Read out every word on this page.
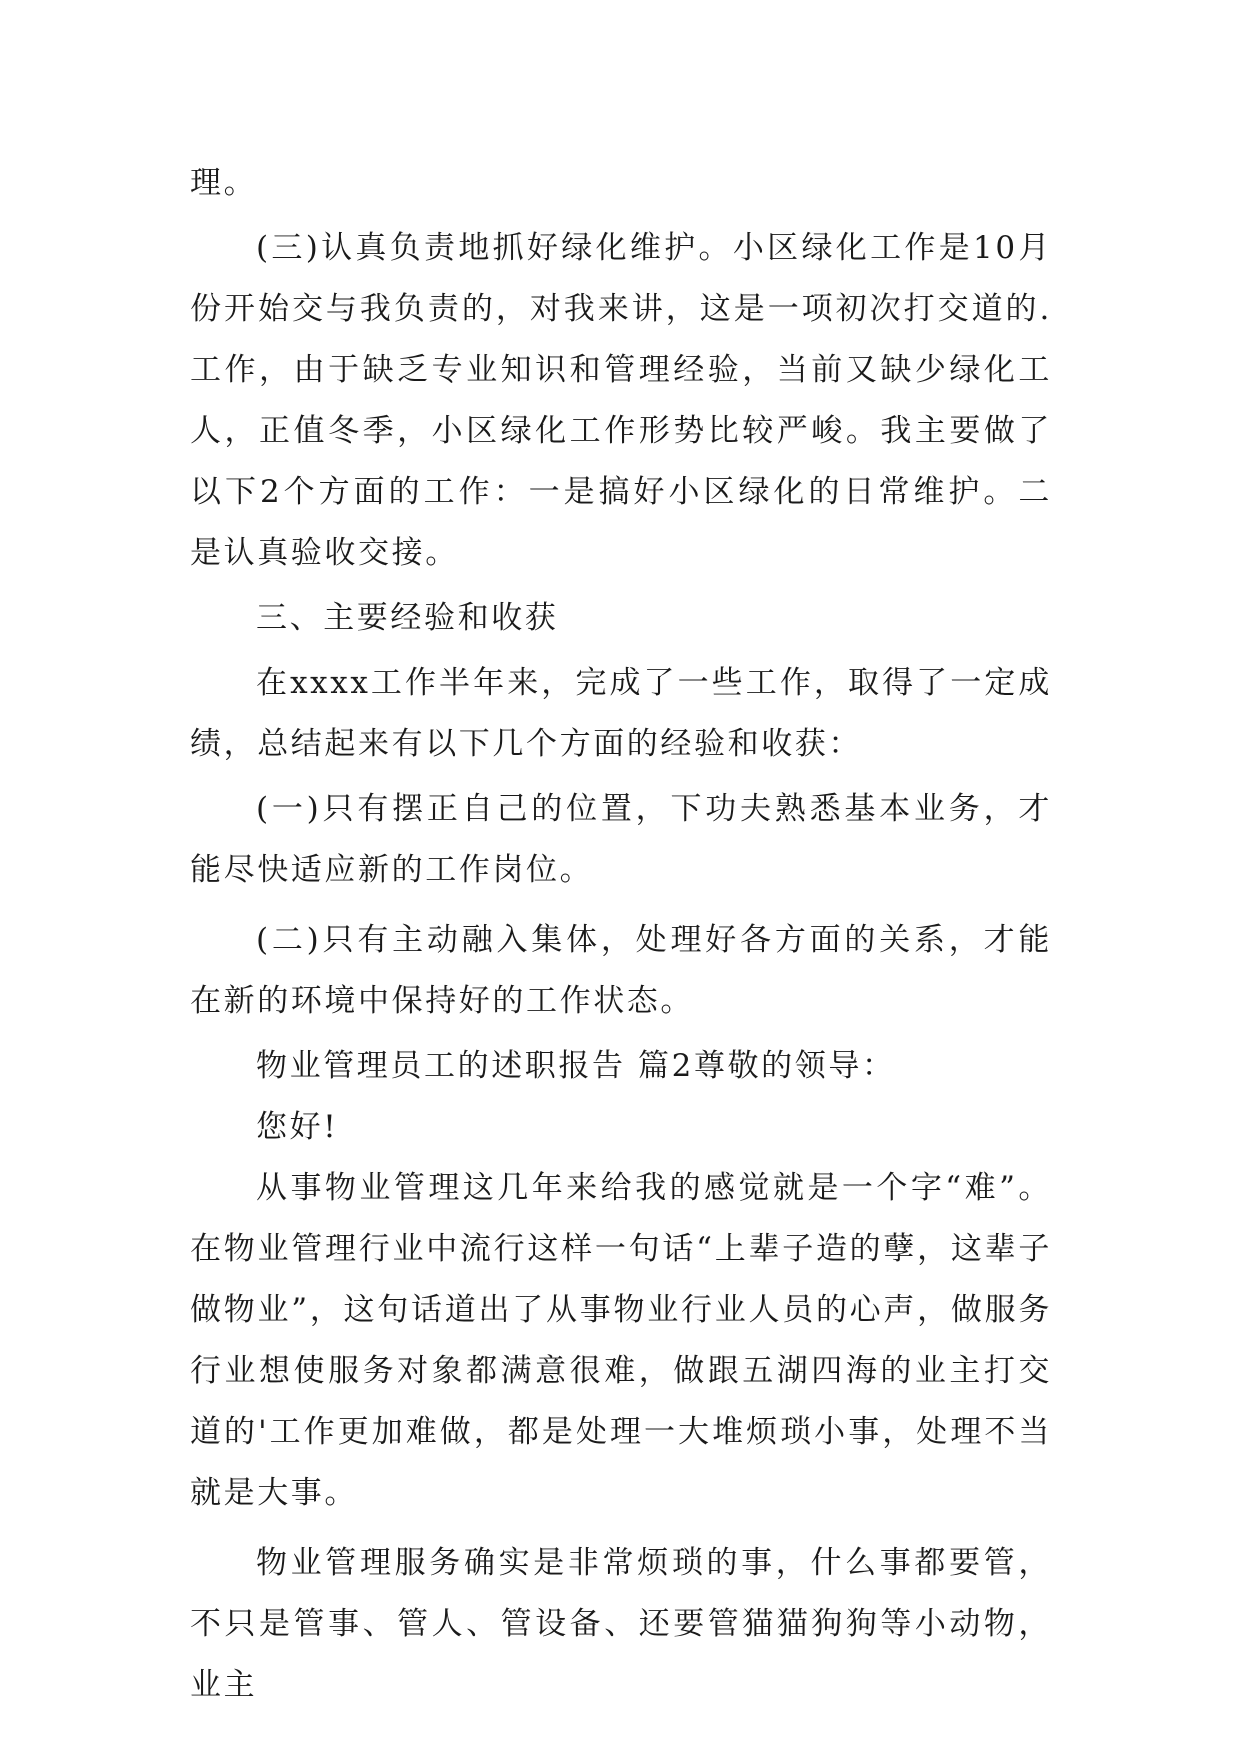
理。

(三)认真负责地抓好绿化维护。小区绿化工作是10月份开始交与我负责的，对我来讲，这是一项初次打交道的.工作，由于缺乏专业知识和管理经验，当前又缺少绿化工人，正值冬季，小区绿化工作形势比较严峻。我主要做了以下2个方面的工作：一是搞好小区绿化的日常维护。二是认真验收交接。

三、主要经验和收获

在xxxx工作半年来，完成了一些工作，取得了一定成绩，总结起来有以下几个方面的经验和收获：

(一)只有摆正自己的位置，下功夫熟悉基本业务，才能尽快适应新的工作岗位。

(二)只有主动融入集体，处理好各方面的关系，才能在新的环境中保持好的工作状态。

物业管理员工的述职报告 篇2尊敬的领导：

您好!

从事物业管理这几年来给我的感觉就是一个字“难”。在物业管理行业中流行这样一句话“上辈子造的孽，这辈子做物业”，这句话道出了从事物业行业人员的心声，做服务行业想使服务对象都满意很难，做跟五湖四海的业主打交道的'工作更加难做，都是处理一大堆烦琐小事，处理不当就是大事。

物业管理服务确实是非常烦琐的事，什么事都要管，不只是管事、管人、管设备、还要管猫猫狗狗等小动物，业主
